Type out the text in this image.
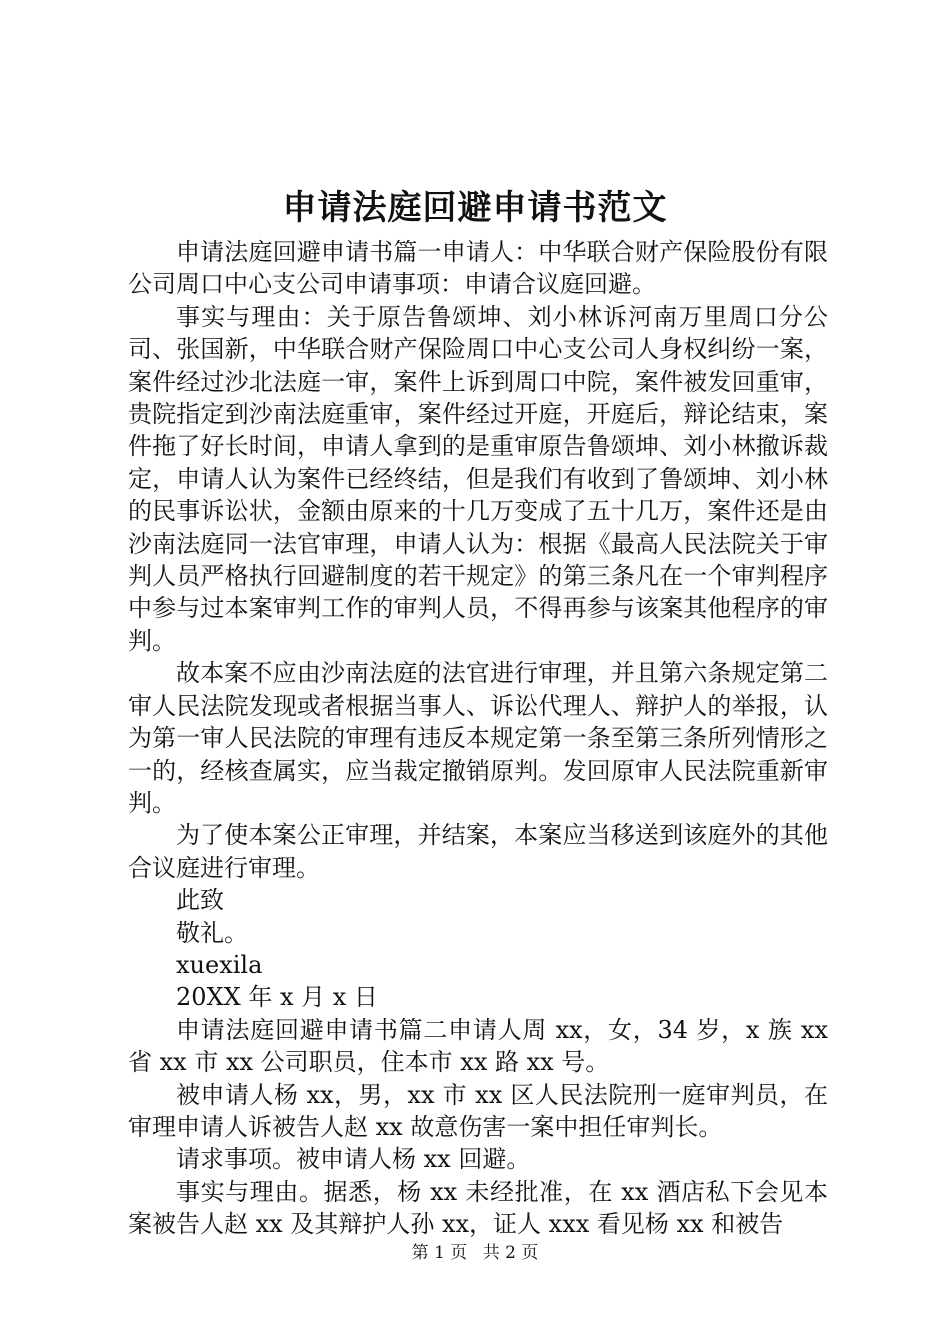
申请法庭回避申请书范文

申请法庭回避申请书篇一申请人：中华联合财产保险股份有限公司周口中心支公司申请事项：申请合议庭回避。

事实与理由：关于原告鲁颂坤、刘小林诉河南万里周口分公司、张国新，中华联合财产保险周口中心支公司人身权纠纷一案，案件经过沙北法庭一审，案件上诉到周口中院，案件被发回重审，贵院指定到沙南法庭重审，案件经过开庭，开庭后，辩论结束，案件拖了好长时间，申请人拿到的是重审原告鲁颂坤、刘小林撤诉裁定，申请人认为案件已经终结，但是我们有收到了鲁颂坤、刘小林的民事诉讼状，金额由原来的十几万变成了五十几万，案件还是由沙南法庭同一法官审理，申请人认为：根据《最高人民法院关于审判人员严格执行回避制度的若干规定》的第三条凡在一个审判程序中参与过本案审判工作的审判人员，不得再参与该案其他程序的审判。

故本案不应由沙南法庭的法官进行审理，并且第六条规定第二审人民法院发现或者根据当事人、诉讼代理人、辩护人的举报，认为第一审人民法院的审理有违反本规定第一条至第三条所列情形之一的，经核查属实，应当裁定撤销原判。发回原审人民法院重新审判。

为了使本案公正审理，并结案，本案应当移送到该庭外的其他合议庭进行审理。

此致

敬礼。

xuexila

20XX 年 x 月 x 日

申请法庭回避申请书篇二申请人周 xx，女，34 岁，x 族 xx 省 xx 市 xx 公司职员，住本市 xx 路 xx 号。

被申请人杨 xx，男，xx 市 xx 区人民法院刑一庭审判员，在审理申请人诉被告人赵 xx 故意伤害一案中担任审判长。

请求事项。被申请人杨 xx 回避。

事实与理由。据悉，杨 xx 未经批准，在 xx 酒店私下会见本案被告人赵 xx 及其辩护人孙 xx，证人 xxx 看见杨 xx 和被告

第 1 页 共 2 页
